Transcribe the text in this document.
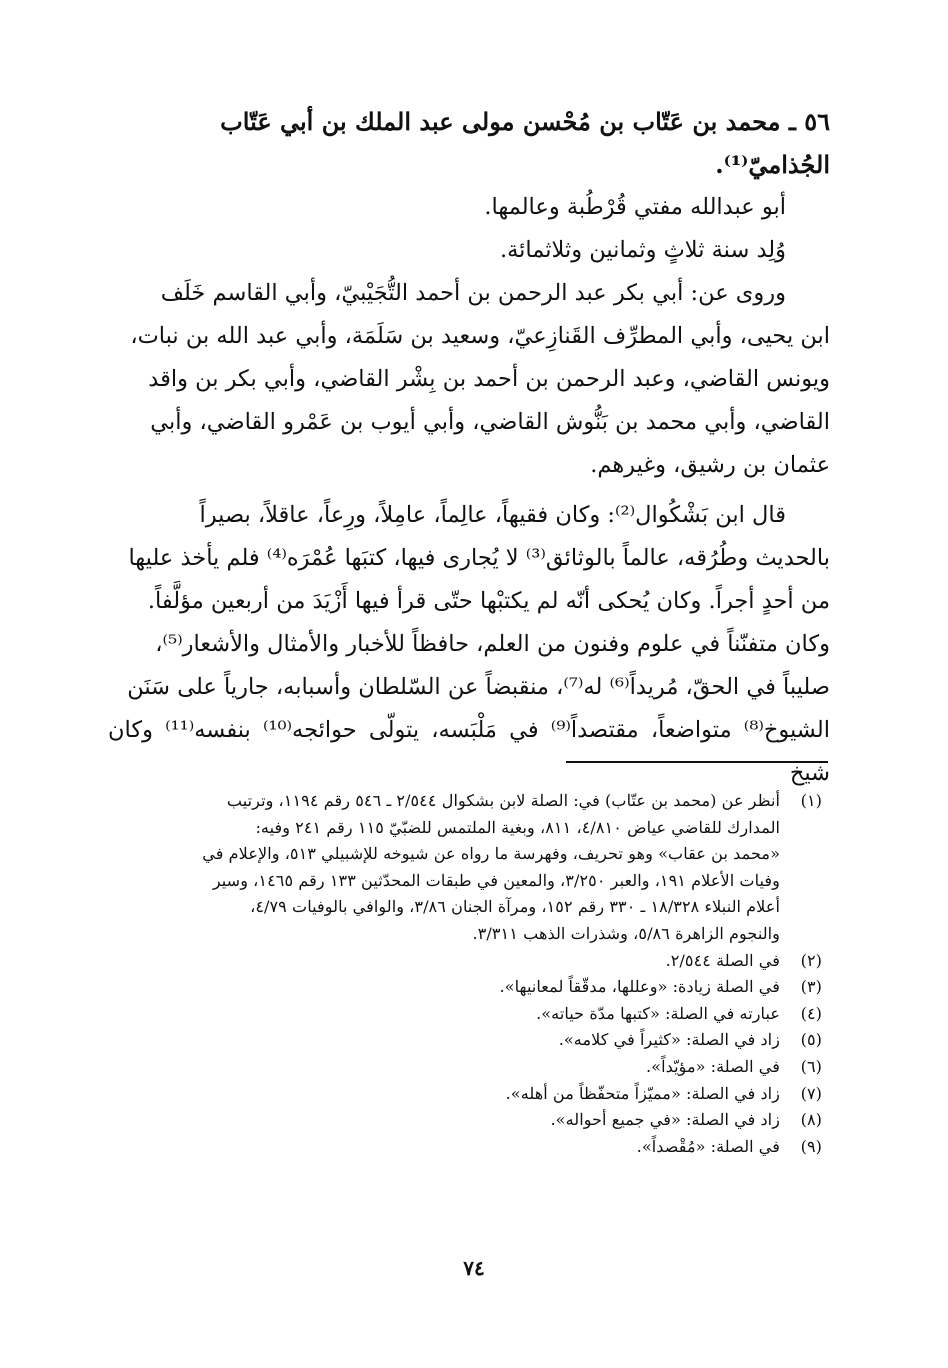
٥٦ ـ محمد بن عَتّاب بن مُحْسن مولى عبد الملك بن أبي عَتّاب

الجُذاميّ⁽¹⁾.

أبو عبدالله مفتي قُرْطُبة وعالمها.

وُلِد سنة ثلاثٍ وثمانين وثلاثمائة.

وروى عن: أبي بكر عبد الرحمن بن أحمد التُّجَيْبيّ، وأبي القاسم خَلَف

ابن يحيى، وأبي المطرِّف القَنازِعيّ، وسعيد بن سَلَمَة، وأبي عبد الله بن نبات،

ويونس القاضي، وعبد الرحمن بن أحمد بن بِشْر القاضي، وأبي بكر بن واقد

القاضي، وأبي محمد بن بَنُّوش القاضي، وأبي أيوب بن عَمْرو القاضي، وأبي

عثمان بن رشيق، وغيرهم.

قال ابن بَشْكُوال⁽²⁾: وكان فقيهاً، عالِماً، عامِلاً، ورِعاً، عاقلاً، بصيراً

بالحديث وطُرُقه، عالماً بالوثائق⁽³⁾ لا يُجارى فيها، كتبَها عُمْرَه⁽⁴⁾ فلم يأخذ عليها

من أحدٍ أجراً. وكان يُحكى أنّه لم يكتبْها حتّى قرأ فيها أَزْيَدَ من أربعين مؤلَّفاً.

وكان متفنّناً في علوم وفنون من العلم، حافظاً للأخبار والأمثال والأشعار⁽⁵⁾،

صليباً في الحقّ، مُريداً⁽⁶⁾ له⁽⁷⁾، منقبضاً عن السّلطان وأسبابه، جارياً على سَنَن

الشيوخ⁽⁸⁾ متواضعاً، مقتصداً⁽⁹⁾ في مَلْبَسه، يتولّى حوائجه⁽¹⁰⁾ بنفسه⁽¹¹⁾ وكان شيخ

(١)
أنظر عن (محمد بن عتّاب) في: الصلة لابن بشكوال ٢/٥٤٤ ـ ٥٤٦ رقم ١١٩٤، وترتيب
المدارك للقاضي عياض ٤/٨١٠، ٨١١، وبغية الملتمس للضبّيّ ١١٥ رقم ٢٤١ وفيه:
«محمد بن عقاب» وهو تحريف، وفهرسة ما رواه عن شيوخه للإشبيلي ٥١٣، والإعلام في
وفيات الأعلام ١٩١، والعبر ٣/٢٥٠، والمعين في طبقات المحدّثين ١٣٣ رقم ١٤٦٥، وسير
أعلام النبلاء ١٨/٣٢٨ ـ ٣٣٠ رقم ١٥٢، ومرآة الجنان ٣/٨٦، والوافي بالوفيات ٤/٧٩،
والنجوم الزاهرة ٥/٨٦، وشذرات الذهب ٣/٣١١.
(٢)
في الصلة ٢/٥٤٤.
(٣)
في الصلة زيادة: «وعللها، مدقّقاً لمعانيها».
(٤)
عبارته في الصلة: «كتبها مدّة حياته».
(٥)
زاد في الصلة: «كثيراً في كلامه».
(٦)
في الصلة: «مؤيّداً».
(٧)
زاد في الصلة: «مميّزاً متحفّظاً من أهله».
(٨)
زاد في الصلة: «في جميع أحواله».
(٩)
في الصلة: «مُقْصداً».
٧٤
